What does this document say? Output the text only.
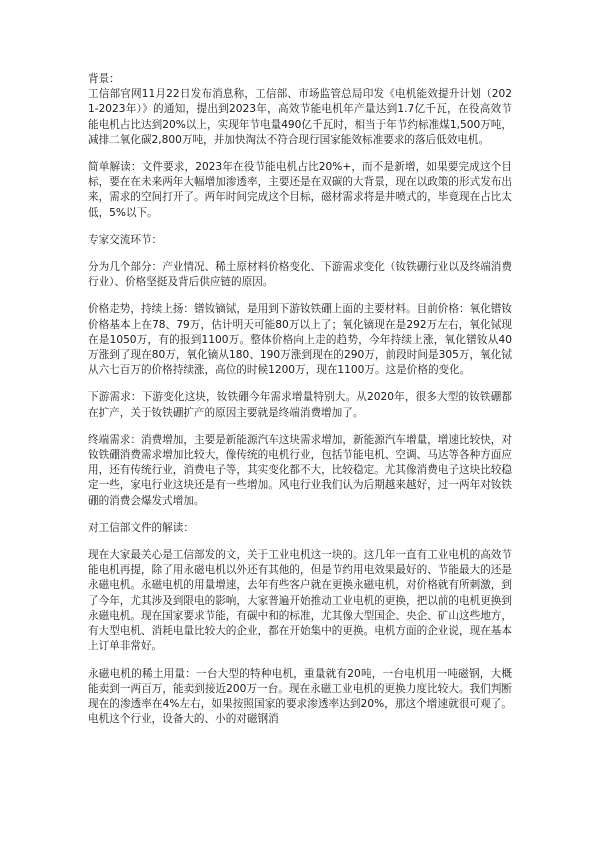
背景：

工信部官网11月22日发布消息称，工信部、市场监管总局印发《电机能效提升计划（2021-2023年）》的通知，提出到2023年，高效节能电机年产量达到1.7亿千瓦，在役高效节能电机占比达到20%以上，实现年节电量490亿千瓦时，相当于年节约标准煤1,500万吨，减排二氧化碳2,800万吨，并加快淘汰不符合现行国家能效标准要求的落后低效电机。

简单解读：文件要求，2023年在役节能电机占比20%+，而不是新增，如果要完成这个目标，要在在未来两年大幅增加渗透率，主要还是在双碳的大背景，现在以政策的形式发布出来，需求的空间打开了。两年时间完成这个目标，磁材需求将是井喷式的，毕竟现在占比太低，5%以下。

专家交流环节：

分为几个部分：产业情况、稀土原材料价格变化、下游需求变化（钕铁硼行业以及终端消费行业）、价格坚挺及背后供应链的原因。

价格走势，持续上扬：镨钕镝铽，是用到下游钕铁硼上面的主要材料。目前价格：氧化镨钕价格基本上在78、79万，估计明天可能80万以上了；氧化镝现在是292万左右，氧化铽现在是1050万，有的报到1100万。整体价格向上走的趋势，今年持续上涨，氧化镨钕从40万涨到了现在80万，氧化镝从180、190万涨到现在的290万，前段时间是305万，氧化铽从六七百万的价格持续涨，高位的时候1200万，现在1100万。这是价格的变化。

下游需求：下游变化这块，钕铁硼今年需求增量特别大。从2020年，很多大型的钕铁硼都在扩产，关于钕铁硼扩产的原因主要就是终端消费增加了。

终端需求：消费增加，主要是新能源汽车这块需求增加，新能源汽车增量，增速比较快，对钕铁硼消费需求增加比较大，像传统的电机行业，包括节能电机、空调、马达等各种方面应用，还有传统行业，消费电子等，其实变化都不大，比较稳定。尤其像消费电子这块比较稳定一些，家电行业这块还是有一些增加。风电行业我们认为后期越来越好，过一两年对钕铁硼的消费会爆发式增加。

对工信部文件的解读：

现在大家最关心是工信部发的文，关于工业电机这一块的。这几年一直有工业电机的高效节能电机再提，除了用永磁电机以外还有其他的，但是节约用电效果最好的、节能最大的还是永磁电机。永磁电机的用量增速，去年有些客户就在更换永磁电机，对价格就有所刺激，到了今年，尤其涉及到限电的影响，大家普遍开始推动工业电机的更换，把以前的电机更换到永磁电机。现在国家要求节能，有碳中和的标准，尤其像大型国企、央企、矿山这些地方，有大型电机、消耗电量比较大的企业，都在开始集中的更换。电机方面的企业说，现在基本上订单非常好。

永磁电机的稀土用量：一台大型的特种电机，重量就有20吨，一台电机用一吨磁钢，大概能卖到一两百万，能卖到接近200万一台。现在永磁工业电机的更换力度比较大。我们判断现在的渗透率在4%左右，如果按照国家的要求渗透率达到20%，那这个增速就很可观了。电机这个行业，设备大的、小的对磁钢消
